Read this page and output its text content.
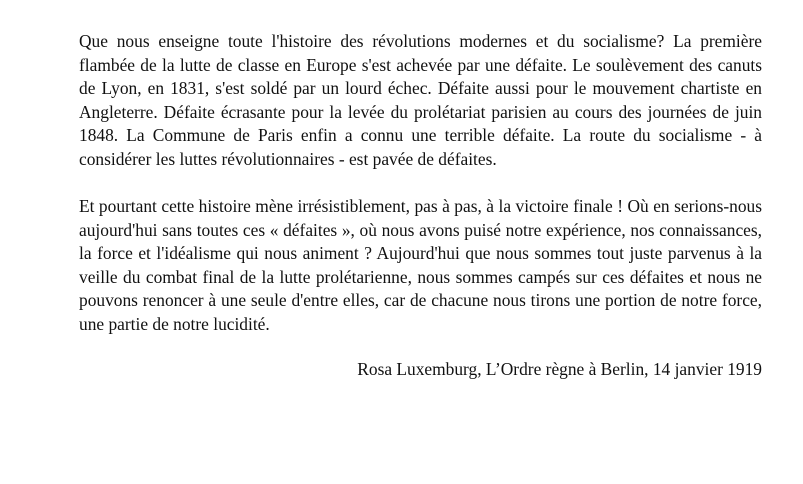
Que nous enseigne toute l'histoire des révolutions modernes et du socialisme? La première flambée de la lutte de classe en Europe s'est achevée par une défaite. Le soulèvement des canuts de Lyon, en 1831, s'est soldé par un lourd échec. Défaite aussi pour le mouvement chartiste en Angleterre. Défaite écrasante pour la levée du prolétariat parisien au cours des journées de juin 1848. La Commune de Paris enfin a connu une terrible défaite. La route du socialisme - à considérer les luttes révolutionnaires - est pavée de défaites.

Et pourtant cette histoire mène irrésistiblement, pas à pas, à la victoire finale ! Où en serions-nous aujourd'hui sans toutes ces « défaites », où nous avons puisé notre expérience, nos connaissances, la force et l'idéalisme qui nous animent ? Aujourd'hui que nous sommes tout juste parvenus à la veille du combat final de la lutte prolétarienne, nous sommes campés sur ces défaites et nous ne pouvons renoncer à une seule d'entre elles, car de chacune nous tirons une portion de notre force, une partie de notre lucidité.

Rosa Luxemburg, L’Ordre règne à Berlin, 14 janvier 1919
